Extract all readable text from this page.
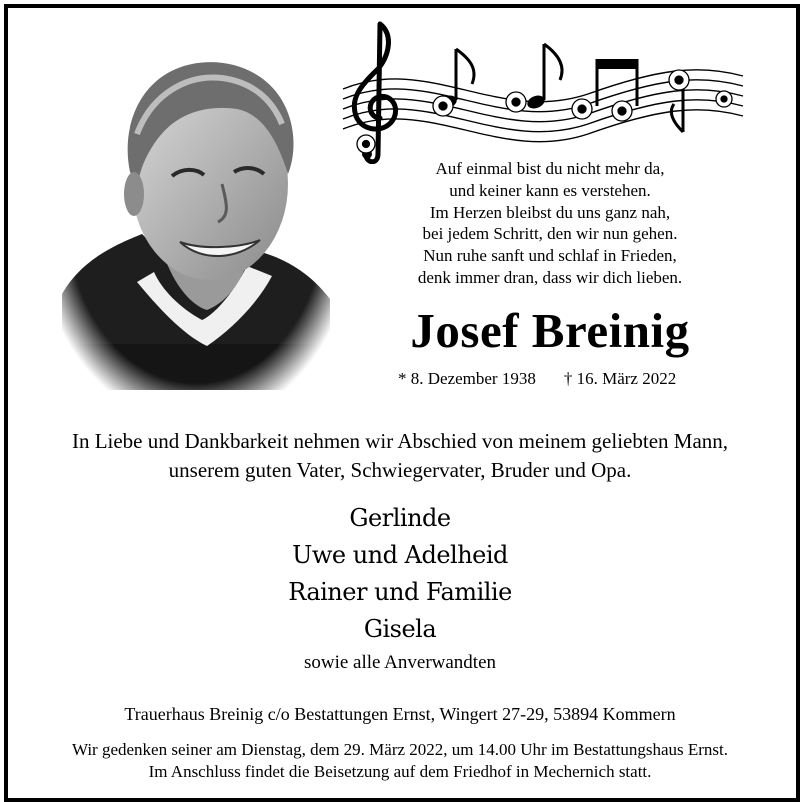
Auf einmal bist du nicht mehr da,
und keiner kann es verstehen.
Im Herzen bleibst du uns ganz nah,
bei jedem Schritt, den wir nun gehen.
Nun ruhe sanft und schlaf in Frieden,
denk immer dran, dass wir dich lieben.
Josef Breinig
* 8. Dezember 1938 † 16. März 2022
In Liebe und Dankbarkeit nehmen wir Abschied von meinem geliebten Mann,
unserem guten Vater, Schwiegervater, Bruder und Opa.
Gerlinde
Uwe und Adelheid
Rainer und Familie
Gisela
sowie alle Anverwandten
Trauerhaus Breinig c/o Bestattungen Ernst, Wingert 27-29, 53894 Kommern
Wir gedenken seiner am Dienstag, dem 29. März 2022, um 14.00 Uhr im Bestattungshaus Ernst.
Im Anschluss findet die Beisetzung auf dem Friedhof in Mechernich statt.
